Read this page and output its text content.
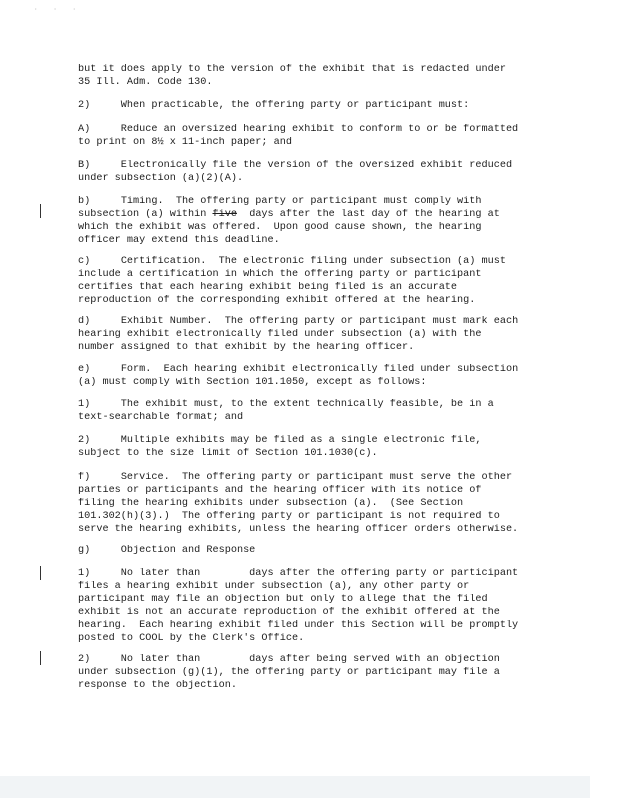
· · ·
but it does apply to the version of the exhibit that is redacted under
35 Ill. Adm. Code 130.
2)     When practicable, the offering party or participant must:
A)     Reduce an oversized hearing exhibit to conform to or be formatted
to print on 8½ x 11-inch paper; and
B)     Electronically file the version of the oversized exhibit reduced
under subsection (a)(2)(A).
b)	Timing.  The offering party or participant must comply with
subsection (a) within five days after the last day of the hearing at
which the exhibit was offered.  Upon good cause shown, the hearing
officer may extend this deadline.
c)	Certification.  The electronic filing under subsection (a) must
include a certification in which the offering party or participant
certifies that each hearing exhibit being filed is an accurate
reproduction of the corresponding exhibit offered at the hearing.
d)	Exhibit Number.  The offering party or participant must mark each
hearing exhibit electronically filed under subsection (a) with the
number assigned to that exhibit by the hearing officer.
e)	Form.  Each hearing exhibit electronically filed under subsection
(a) must comply with Section 101.1050, except as follows:
1)     The exhibit must, to the extent technically feasible, be in a
text-searchable format; and
2)     Multiple exhibits may be filed as a single electronic file,
subject to the size limit of Section 101.1030(c).
f)	Service.  The offering party or participant must serve the other
parties or participants and the hearing officer with its notice of
filing the hearing exhibits under subsection (a).  (See Section
101.302(h)(3).)  The offering party or participant is not required to
serve the hearing exhibits, unless the hearing officer orders otherwise.
g)     Objection and Response
1)     No later than        days after the offering party or participant
files a hearing exhibit under subsection (a), any other party or
participant may file an objection but only to allege that the filed
exhibit is not an accurate reproduction of the exhibit offered at the
hearing.  Each hearing exhibit filed under this Section will be promptly
posted to COOL by the Clerk's Office.
2)     No later than        days after being served with an objection
under subsection (g)(1), the offering party or participant may file a
response to the objection.
